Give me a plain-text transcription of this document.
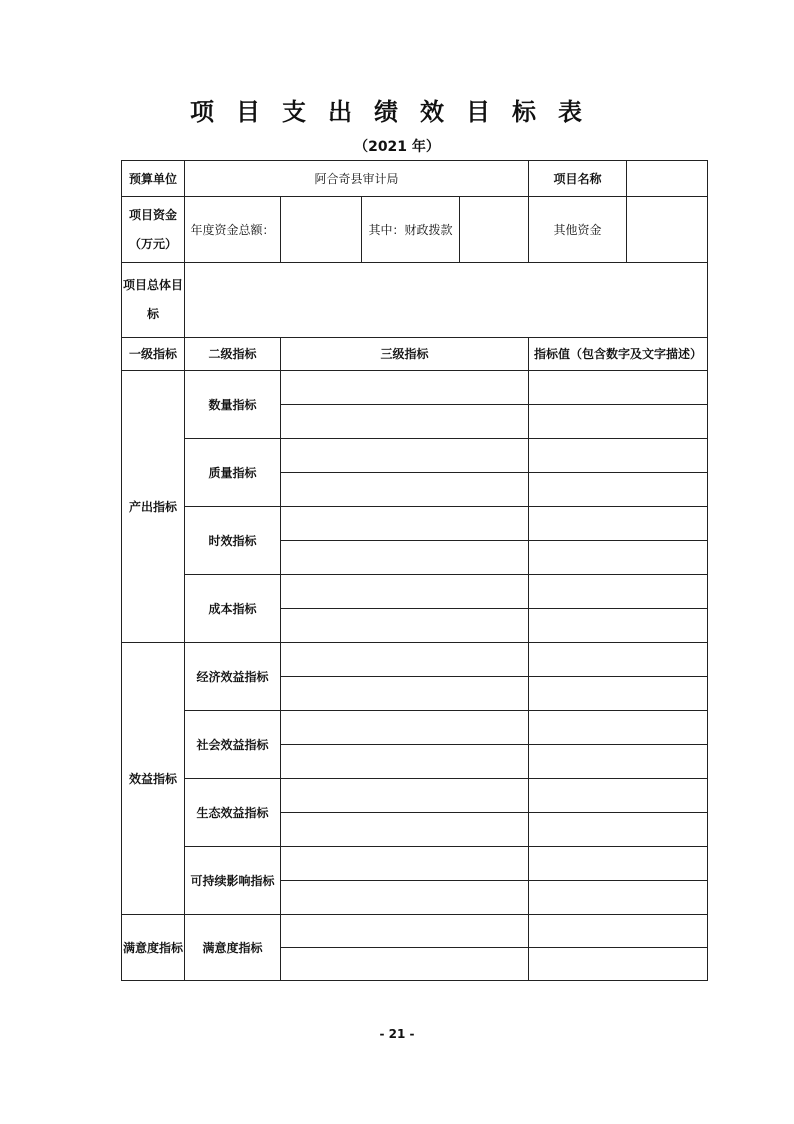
项目支出绩效目标表
（2021 年）
预算单位	阿合奇县审计局				项目名称	
项目资金
（万元）	年度资金总额：		其中：财政拨款		其他资金	
项目总体目
标						
一级指标	二级指标	三级指标			指标值（包含数字及文字描述）	
产出指标	数量指标					

	质量指标					

	时效指标					

	成本指标					

效益指标	经济效益指标					

	社会效益指标					

	生态效益指标					

	可持续影响指标					

满意度指标	满意度指标					

- 21 -
